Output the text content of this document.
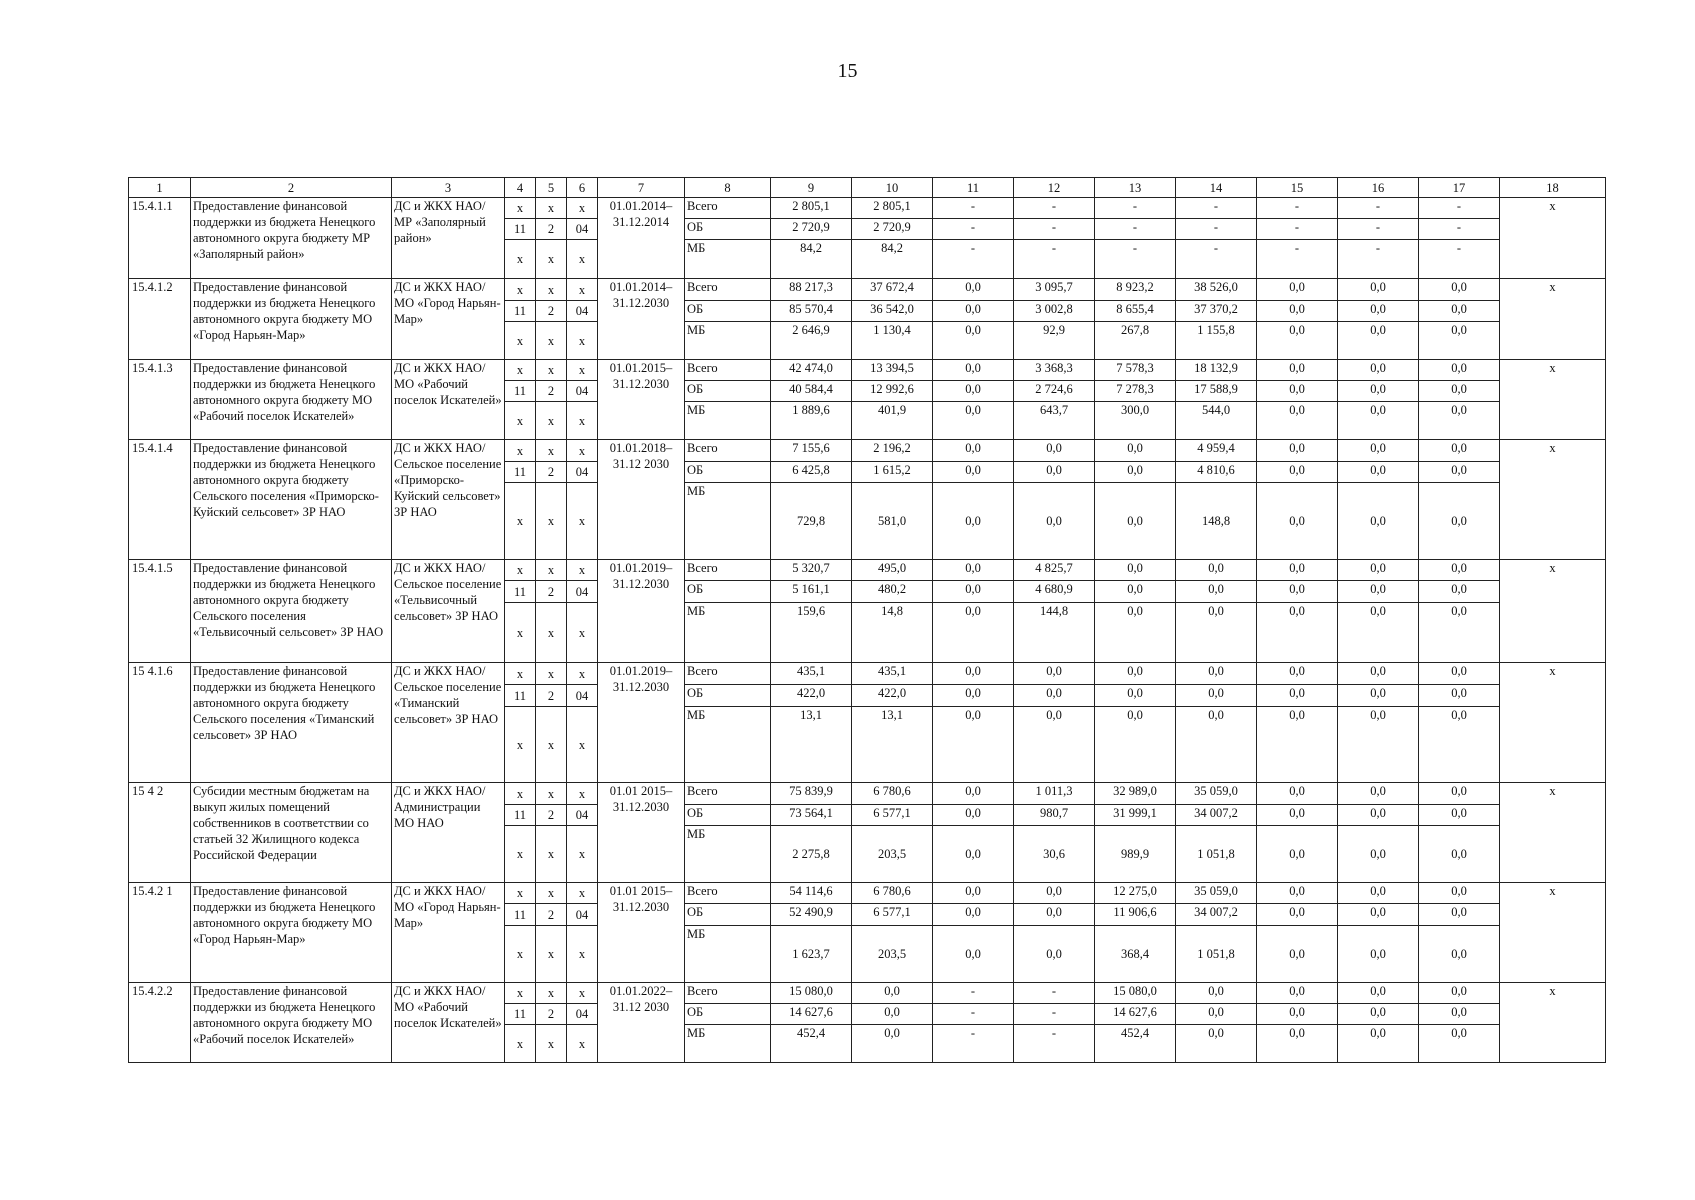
15
1	2	3	4	5	6	7	8	9	10	11	12	13	14	15	16	17	18
15.4.1.1	Предоставление финансовой поддержки из бюджета Ненецкого автономного округа бюджету МР «Заполярный район»	ДС и ЖКХ НАО/ МР «Заполярный район»	х	х	х	01.01.2014– 31.12.2014	Всего	2 805,1	2 805,1	-	-	-	-	-	-	-	х
			11	2	04		ОБ	2 720,9	2 720,9	-	-	-	-	-	-	-	
			х	х	х		МБ	84,2	84,2	-	-	-	-	-	-	-	
15.4.1.2	Предоставление финансовой поддержки из бюджета Ненецкого автономного округа бюджету МО «Город Нарьян-Мар»	ДС и ЖКХ НАО/ МО «Город Нарьян-Мар»	х	х	х	01.01.2014– 31.12.2030	Всего	88 217,3	37 672,4	0,0	3 095,7	8 923,2	38 526,0	0,0	0,0	0,0	х
			11	2	04		ОБ	85 570,4	36 542,0	0,0	3 002,8	8 655,4	37 370,2	0,0	0,0	0,0	
			х	х	х		МБ	2 646,9	1 130,4	0,0	92,9	267,8	1 155,8	0,0	0,0	0,0	
15.4.1.3	Предоставление финансовой поддержки из бюджета Ненецкого автономного округа бюджету МО «Рабочий поселок Искателей»	ДС и ЖКХ НАО/ МО «Рабочий поселок Искателей»	х	х	х	01.01.2015– 31.12.2030	Всего	42 474,0	13 394,5	0,0	3 368,3	7 578,3	18 132,9	0,0	0,0	0,0	х
			11	2	04		ОБ	40 584,4	12 992,6	0,0	2 724,6	7 278,3	17 588,9	0,0	0,0	0,0	
			х	х	х		МБ	1 889,6	401,9	0,0	643,7	300,0	544,0	0,0	0,0	0,0	
15.4.1.4	Предоставление финансовой поддержки из бюджета Ненецкого автономного округа бюджету Сельского поселения «Приморско-Куйский сельсовет» ЗР НАО	ДС и ЖКХ НАО/ Сельское поселение «Приморско-Куйский сельсовет» ЗР НАО	х	х	х	01.01.2018– 31.12 2030	Всего	7 155,6	2 196,2	0,0	0,0	0,0	4 959,4	0,0	0,0	0,0	х
			11	2	04		ОБ	6 425,8	1 615,2	0,0	0,0	0,0	4 810,6	0,0	0,0	0,0	
			х	х	х		МБ	729,8	581,0	0,0	0,0	0,0	148,8	0,0	0,0	0,0	
15.4.1.5	Предоставление финансовой поддержки из бюджета Ненецкого автономного округа бюджету Сельского поселения «Тельвисочный сельсовет» ЗР НАО	ДС и ЖКХ НАО/ Сельское поселение «Тельвисочный сельсовет» ЗР НАО	х	х	х	01.01.2019– 31.12.2030	Всего	5 320,7	495,0	0,0	4 825,7	0,0	0,0	0,0	0,0	0,0	х
			11	2	04		ОБ	5 161,1	480,2	0,0	4 680,9	0,0	0,0	0,0	0,0	0,0	
			х	х	х		МБ	159,6	14,8	0,0	144,8	0,0	0,0	0,0	0,0	0,0	
15 4.1.6	Предоставление финансовой поддержки из бюджета Ненецкого автономного округа бюджету Сельского поселения «Тиманский сельсовет» ЗР НАО	ДС и ЖКХ НАО/ Сельское поселение «Тиманский сельсовет» ЗР НАО	х	х	х	01.01.2019– 31.12.2030	Всего	435,1	435,1	0,0	0,0	0,0	0,0	0,0	0,0	0,0	х
			11	2	04		ОБ	422,0	422,0	0,0	0,0	0,0	0,0	0,0	0,0	0,0	
			х	х	х		МБ	13,1	13,1	0,0	0,0	0,0	0,0	0,0	0,0	0,0	
15 4 2	Субсидии местным бюджетам на выкуп жилых помещений собственников в соответствии со статьей 32 Жилищного кодекса Российской Федерации	ДС и ЖКХ НАО/ Администрации МО НАО	х	х	х	01.01 2015– 31.12.2030	Всего	75 839,9	6 780,6	0,0	1 011,3	32 989,0	35 059,0	0,0	0,0	0,0	х
			11	2	04		ОБ	73 564,1	6 577,1	0,0	980,7	31 999,1	34 007,2	0,0	0,0	0,0	
			х	х	х		МБ	2 275,8	203,5	0,0	30,6	989,9	1 051,8	0,0	0,0	0,0	
15.4.2 1	Предоставление финансовой поддержки из бюджета Ненецкого автономного округа бюджету МО «Город Нарьян-Мар»	ДС и ЖКХ НАО/ МО «Город Нарьян-Мар»	х	х	х	01.01 2015– 31.12.2030	Всего	54 114,6	6 780,6	0,0	0,0	12 275,0	35 059,0	0,0	0,0	0,0	х
			11	2	04		ОБ	52 490,9	6 577,1	0,0	0,0	11 906,6	34 007,2	0,0	0,0	0,0	
			х	х	х		МБ	1 623,7	203,5	0,0	0,0	368,4	1 051,8	0,0	0,0	0,0	
15.4.2.2	Предоставление финансовой поддержки из бюджета Ненецкого автономного округа бюджету МО «Рабочий поселок Искателей»	ДС и ЖКХ НАО/ МО «Рабочий поселок Искателей»	х	х	х	01.01.2022– 31.12 2030	Всего	15 080,0	0,0	-	-	15 080,0	0,0	0,0	0,0	0,0	х
			11	2	04		ОБ	14 627,6	0,0	-	-	14 627,6	0,0	0,0	0,0	0,0	
			х	х	х		МБ	452,4	0,0	-	-	452,4	0,0	0,0	0,0	0,0	
